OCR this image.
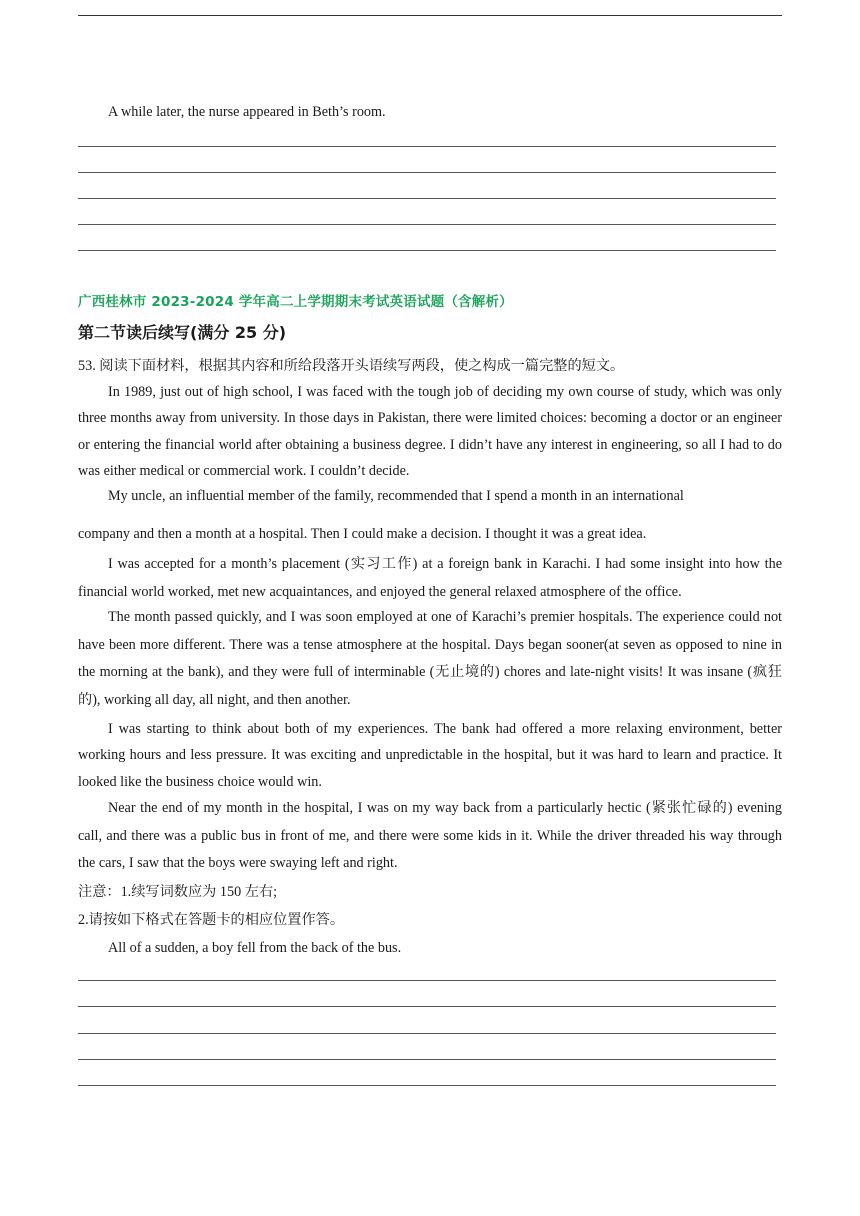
A while later, the nurse appeared in Beth’s room.
广西桂林市 2023-2024 学年高二上学期期末考试英语试题（含解析）
第二节读后续写(满分 25 分)
53. 阅读下面材料，根据其内容和所给段落开头语续写两段，使之构成一篇完整的短文。

In 1989, just out of high school, I was faced with the tough job of deciding my own course of study, which was only three months away from university. In those days in Pakistan, there were limited choices: becoming a doctor or an engineer or entering the financial world after obtaining a business degree. I didn’t have any interest in engineering, so all I had to do was either medical or commercial work. I couldn’t decide.

My uncle, an influential member of the family, recommended that I spend a month in an international
company and then a month at a hospital. Then I could make a decision. I thought it was a great idea.

I was accepted for a month’s placement (实习工作) at a foreign bank in Karachi. I had some insight into how the financial world worked, met new acquaintances, and enjoyed the general relaxed atmosphere of the office.

The month passed quickly, and I was soon employed at one of Karachi’s premier hospitals. The experience could not have been more different. There was a tense atmosphere at the hospital. Days began sooner(at seven as opposed to nine in the morning at the bank), and they were full of interminable (无止境的) chores and late-night visits! It was insane (疯狂的), working all day, all night, and then another.

I was starting to think about both of my experiences. The bank had offered a more relaxing environment, better working hours and less pressure. It was exciting and unpredictable in the hospital, but it was hard to learn and practice. It looked like the business choice would win.

Near the end of my month in the hospital, I was on my way back from a particularly hectic (紧张忙碌的) evening call, and there was a public bus in front of me, and there were some kids in it. While the driver threaded his way through the cars, I saw that the boys were swaying left and right.

注意：1.续写词数应为 150 左右;
2.请按如下格式在答题卡的相应位置作答。
All of a sudden, a boy fell from the back of the bus.
